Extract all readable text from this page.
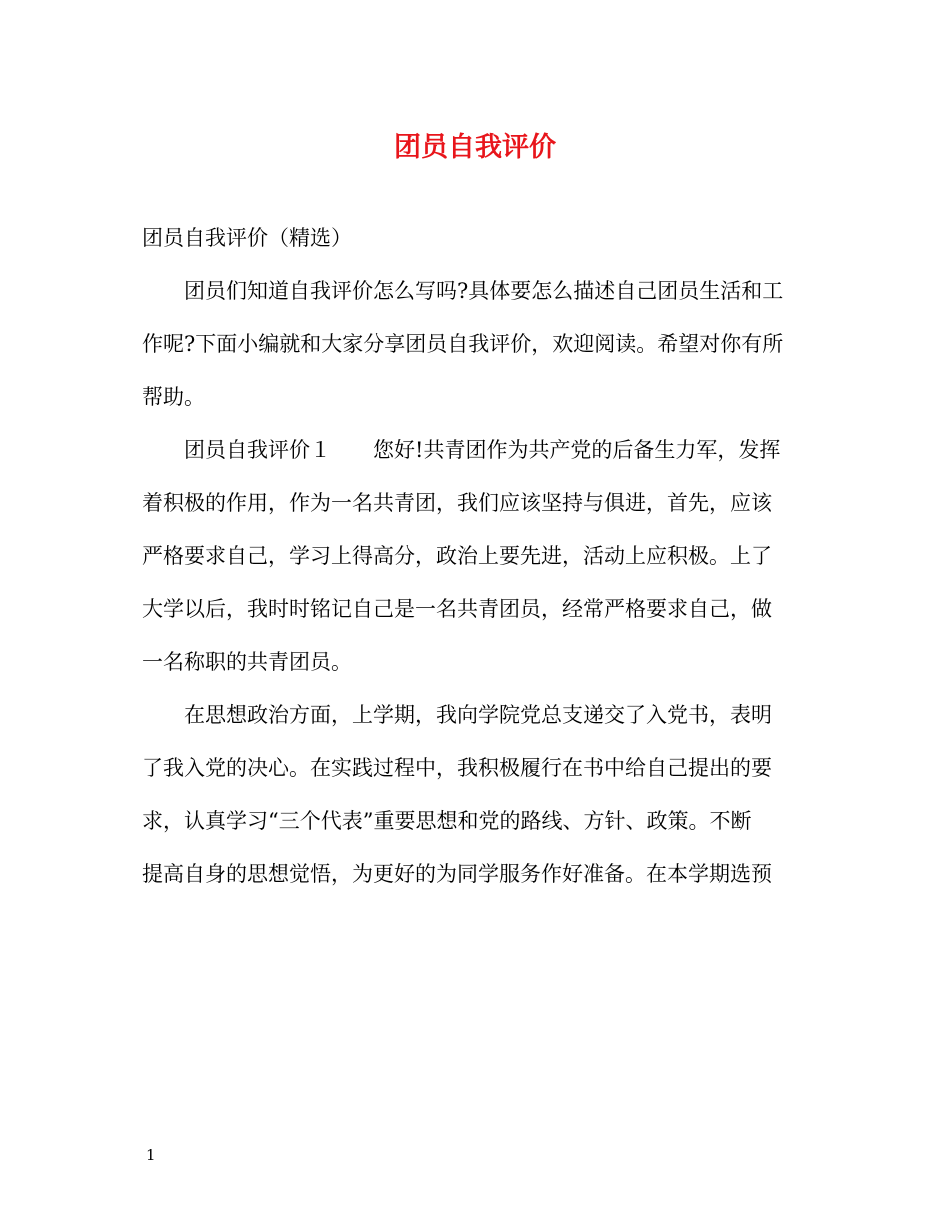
团员自我评价
团员自我评价（精选）
团员们知道自我评价怎么写吗?具体要怎么描述自己团员生活和工
作呢?下面小编就和大家分享团员自我评价，欢迎阅读。希望对你有所
帮助。
团员自我评价１　　您好!共青团作为共产党的后备生力军，发挥
着积极的作用，作为一名共青团，我们应该坚持与俱进，首先，应该
严格要求自己，学习上得高分，政治上要先进，活动上应积极。上了
大学以后，我时时铭记自己是一名共青团员，经常严格要求自己，做
一名称职的共青团员。
在思想政治方面，上学期，我向学院党总支递交了入党书，表明
了我入党的决心。在实践过程中，我积极履行在书中给自己提出的要
求，认真学习“三个代表”重要思想和党的路线、方针、政策。不断
提高自身的思想觉悟，为更好的为同学服务作好准备。在本学期选预
1
